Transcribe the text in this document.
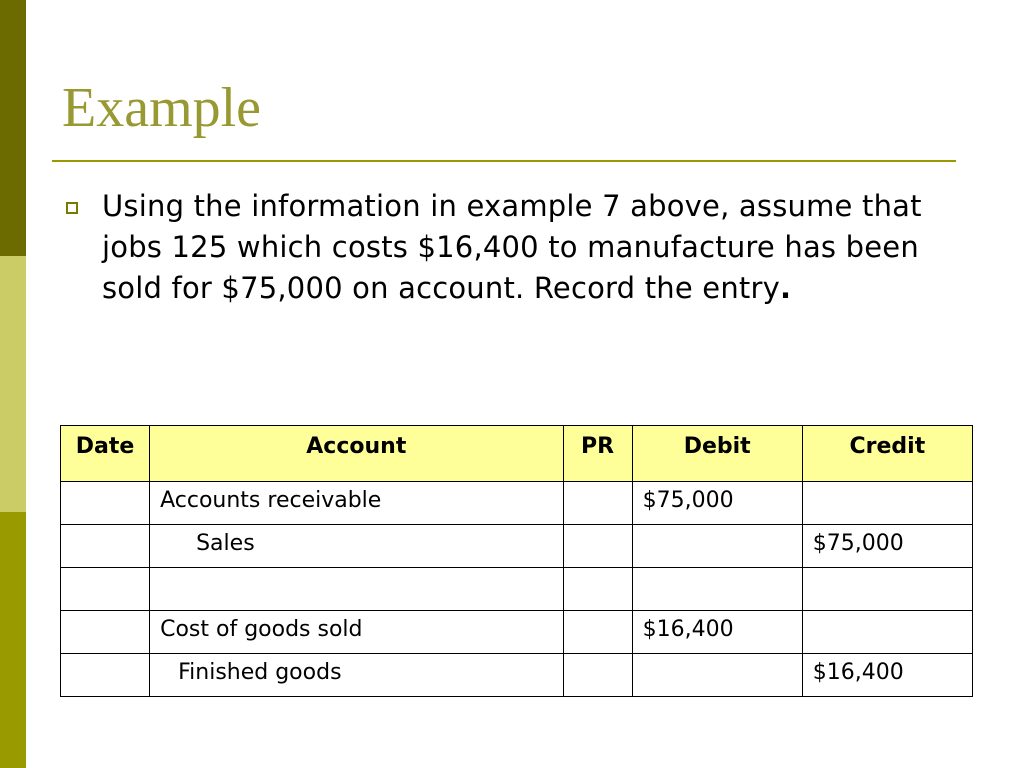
Example

Using the information in example 7 above, assume that jobs 125 which costs $16,400 to manufacture has been sold for $75,000 on account. Record the entry.

Date	Account	PR	Debit	Credit
	Accounts receivable		$75,000	
	Sales			$75,000

	Cost of goods sold		$16,400	
	Finished goods			$16,400
